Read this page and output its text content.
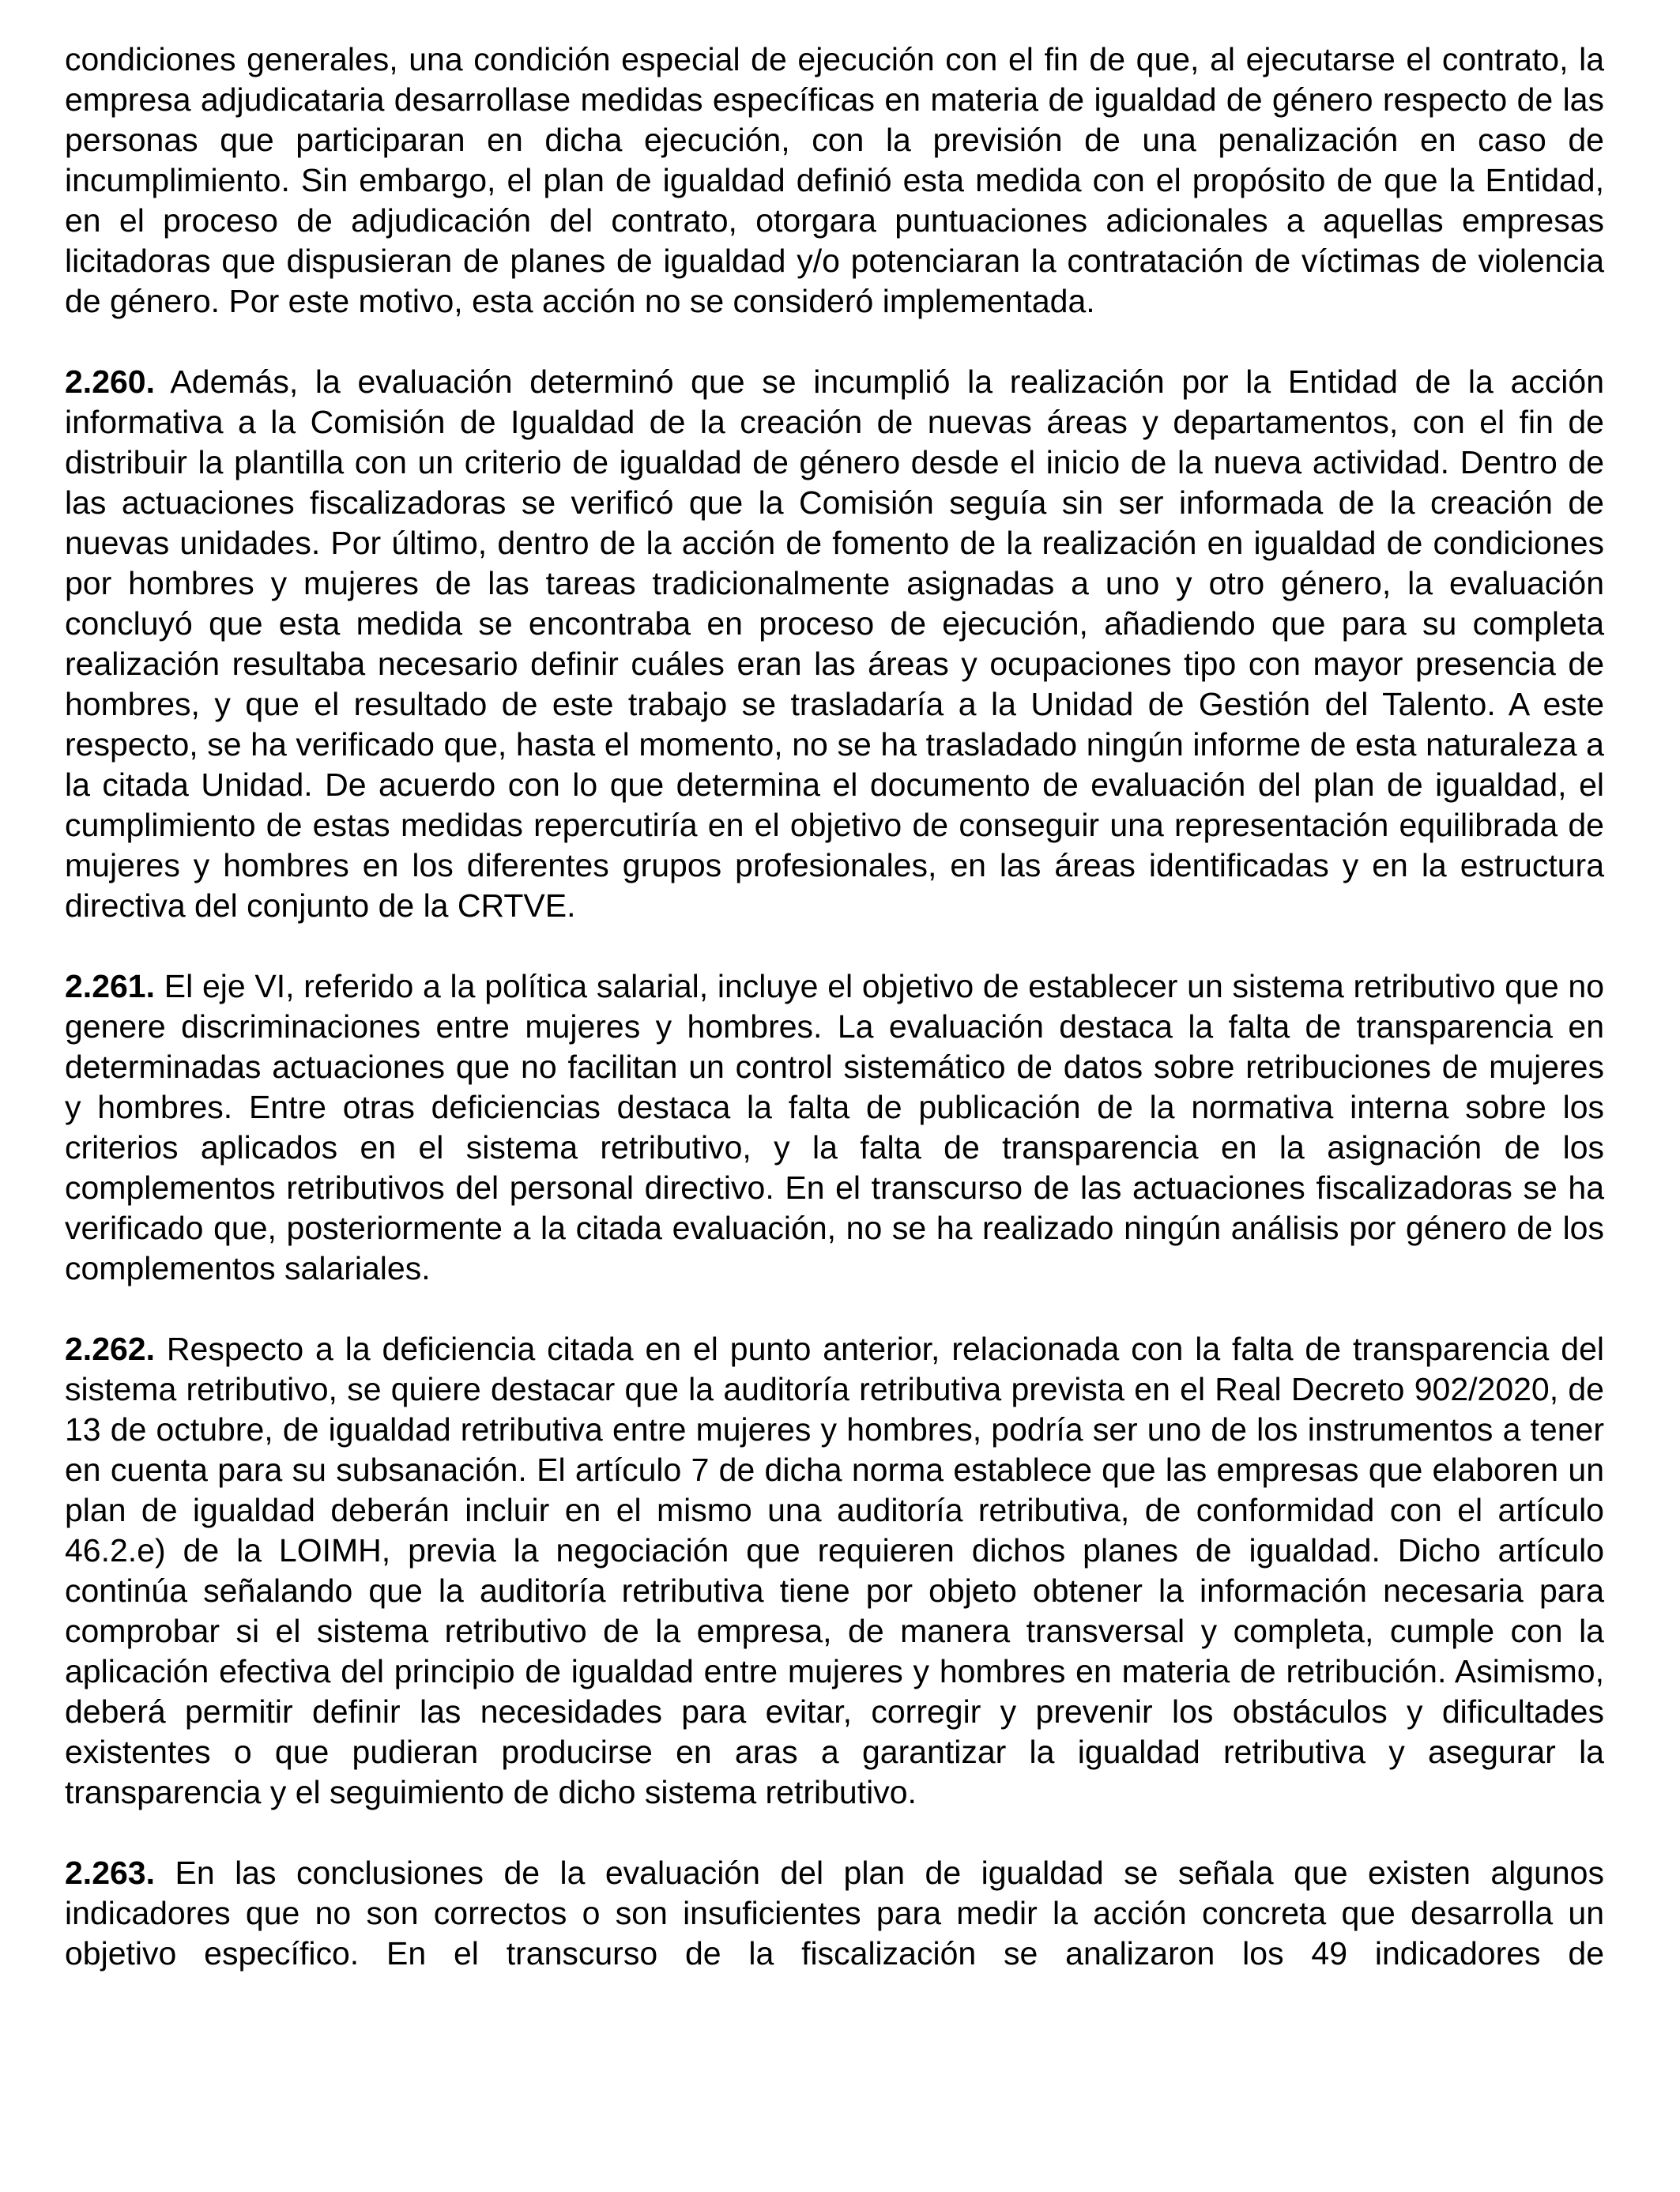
condiciones generales, una condición especial de ejecución con el fin de que, al ejecutarse el contrato, la empresa adjudicataria desarrollase medidas específicas en materia de igualdad de género respecto de las personas que participaran en dicha ejecución, con la previsión de una penalización en caso de incumplimiento. Sin embargo, el plan de igualdad definió esta medida con el propósito de que la Entidad, en el proceso de adjudicación del contrato, otorgara puntuaciones adicionales a aquellas empresas licitadoras que dispusieran de planes de igualdad y/o potenciaran la contratación de víctimas de violencia de género. Por este motivo, esta acción no se consideró implementada.

2.260. Además, la evaluación determinó que se incumplió la realización por la Entidad de la acción informativa a la Comisión de Igualdad de la creación de nuevas áreas y departamentos, con el fin de distribuir la plantilla con un criterio de igualdad de género desde el inicio de la nueva actividad. Dentro de las actuaciones fiscalizadoras se verificó que la Comisión seguía sin ser informada de la creación de nuevas unidades. Por último, dentro de la acción de fomento de la realización en igualdad de condiciones por hombres y mujeres de las tareas tradicionalmente asignadas a uno y otro género, la evaluación concluyó que esta medida se encontraba en proceso de ejecución, añadiendo que para su completa realización resultaba necesario definir cuáles eran las áreas y ocupaciones tipo con mayor presencia de hombres, y que el resultado de este trabajo se trasladaría a la Unidad de Gestión del Talento. A este respecto, se ha verificado que, hasta el momento, no se ha trasladado ningún informe de esta naturaleza a la citada Unidad. De acuerdo con lo que determina el documento de evaluación del plan de igualdad, el cumplimiento de estas medidas repercutiría en el objetivo de conseguir una representación equilibrada de mujeres y hombres en los diferentes grupos profesionales, en las áreas identificadas y en la estructura directiva del conjunto de la CRTVE.

2.261. El eje VI, referido a la política salarial, incluye el objetivo de establecer un sistema retributivo que no genere discriminaciones entre mujeres y hombres. La evaluación destaca la falta de transparencia en determinadas actuaciones que no facilitan un control sistemático de datos sobre retribuciones de mujeres y hombres. Entre otras deficiencias destaca la falta de publicación de la normativa interna sobre los criterios aplicados en el sistema retributivo, y la falta de transparencia en la asignación de los complementos retributivos del personal directivo. En el transcurso de las actuaciones fiscalizadoras se ha verificado que, posteriormente a la citada evaluación, no se ha realizado ningún análisis por género de los complementos salariales.

2.262. Respecto a la deficiencia citada en el punto anterior, relacionada con la falta de transparencia del sistema retributivo, se quiere destacar que la auditoría retributiva prevista en el Real Decreto 902/2020, de 13 de octubre, de igualdad retributiva entre mujeres y hombres, podría ser uno de los instrumentos a tener en cuenta para su subsanación. El artículo 7 de dicha norma establece que las empresas que elaboren un plan de igualdad deberán incluir en el mismo una auditoría retributiva, de conformidad con el artículo 46.2.e) de la LOIMH, previa la negociación que requieren dichos planes de igualdad. Dicho artículo continúa señalando que la auditoría retributiva tiene por objeto obtener la información necesaria para comprobar si el sistema retributivo de la empresa, de manera transversal y completa, cumple con la aplicación efectiva del principio de igualdad entre mujeres y hombres en materia de retribución. Asimismo, deberá permitir definir las necesidades para evitar, corregir y prevenir los obstáculos y dificultades existentes o que pudieran producirse en aras a garantizar la igualdad retributiva y asegurar la transparencia y el seguimiento de dicho sistema retributivo.

2.263. En las conclusiones de la evaluación del plan de igualdad se señala que existen algunos indicadores que no son correctos o son insuficientes para medir la acción concreta que desarrolla un objetivo específico. En el transcurso de la fiscalización se analizaron los 49 indicadores de
